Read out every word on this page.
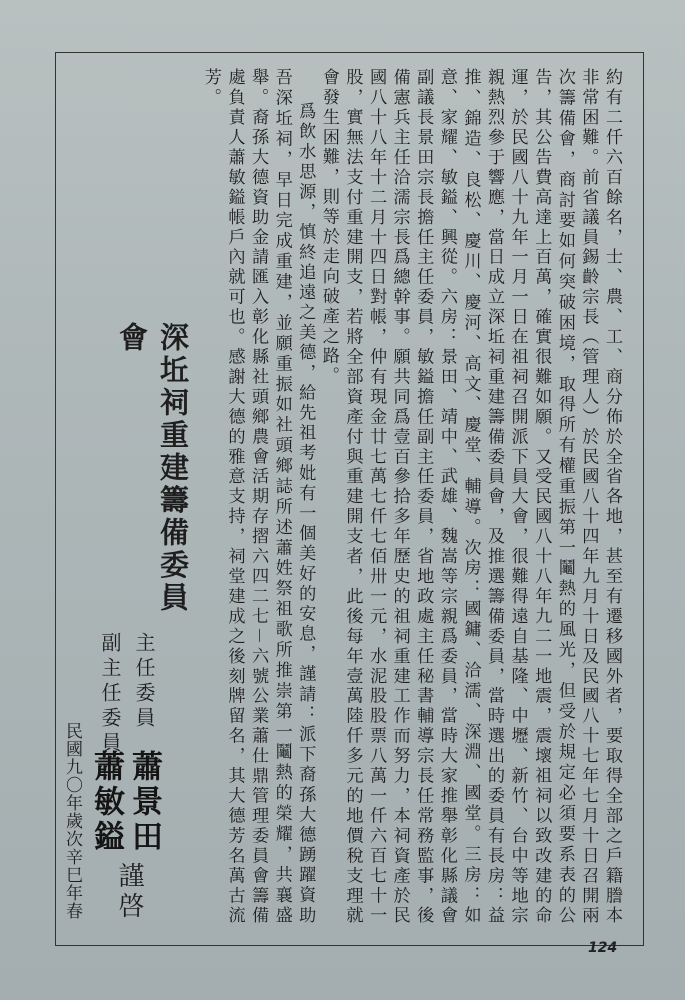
約有二仟六百餘名，士、農、工、商分佈於全省各地，甚至有遷移國外者，要取得全部之戶籍謄本非常困難。前省議員錫齡宗長（管理人）於民國八十四年九月十日及民國八十七年七月十日召開兩次籌備會，商討要如何突破困境，取得所有權重振第一鬮熱的風光，但受於規定必須要系表的公告，其公告費高達上百萬，確實很難如願。又受民國八十八年九二一地震，震壞祖祠以致改建的命運，於民國八十九年一月一日在祖祠召開派下員大會，很難得遠自基隆、中壢、新竹、台中等地宗親熱烈參于響應，當日成立深坵祠重建籌備委員會，及推選籌備委員，當時選出的委員有長房：益推、錦造、良松、慶川、慶河、高文、慶堂、輔導。次房：國鏞、洽濡、深淵、國堂。三房：如意、家耀、敏鎰、興從。六房：景田、靖中、武雄、魏嵩等宗親爲委員，當時大家推舉彰化縣議會副議長景田宗長擔任主任委員，敏鎰擔任副主任委員，省地政處主任秘書輔導宗長任常務監事，後備憲兵主任洽濡宗長爲總幹事。願共同爲壹百參拾多年歷史的祖祠重建工作而努力，本祠資產於民國八十八年十二月十四日對帳，仲有現金廿七萬七仟七佰卅一元，水泥股股票八萬一仟六百七十一股，實無法支付重建開支，若將全部資產付與重建開支者，此後每年壹萬陸仟多元的地價稅支理就會發生困難，則等於走向破產之路。

爲飲水思源，慎終追遠之美德，給先祖考妣有一個美好的安息，謹請：派下裔孫大德踴躍資助吾深坵祠，早日完成重建，並願重振如社頭鄉誌所述蕭姓祭祖歌所推崇第一鬮熱的榮耀，共襄盛舉。裔孫大德資助金請匯入彰化縣社頭鄉農會活期存摺六四二七－六號公業蕭仕鼎管理委員會籌備處負責人蕭敏鎰帳戶內就可也。感謝大德的雅意支持，祠堂建成之後刻牌留名，其大德芳名萬古流芳。

深坵祠重建籌備委員會
主任委員
蕭景田
副主任委員
蕭敏鎰
謹啓
民國九〇年歲次辛巳年春
124
